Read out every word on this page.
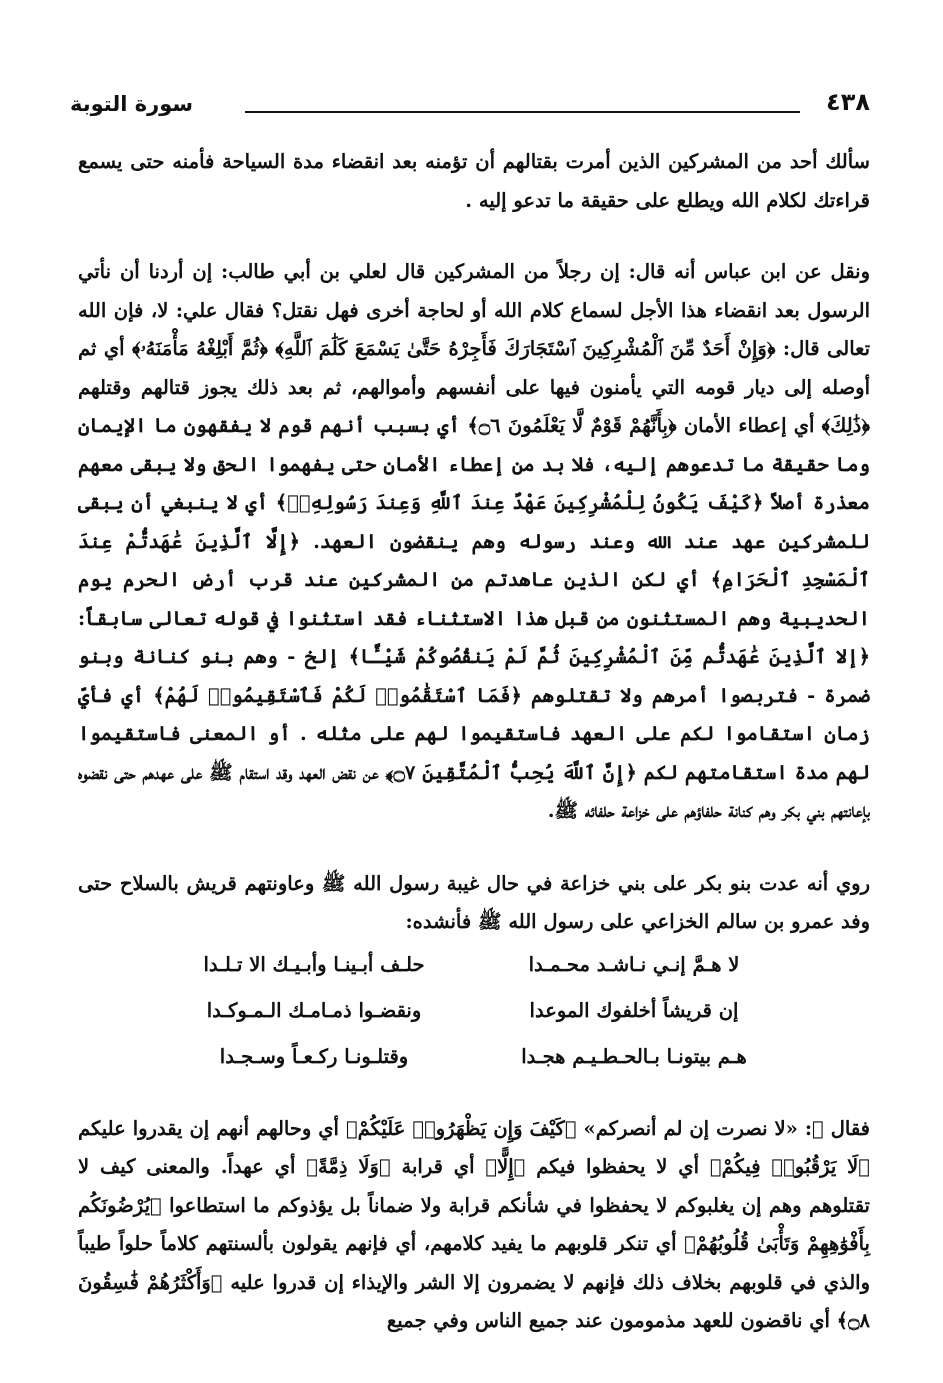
٤٣٨
سورة التوبة

سألك أحد من المشركين الذين أمرت بقتالهم أن تؤمنه بعد انقضاء مدة السياحة فأمنه حتى يسمع قراءتك لكلام الله ويطلع على حقيقة ما تدعو إليه .

ونقل عن ابن عباس أنه قال: إن رجلاً من المشركين قال لعلي بن أبي طالب: إن أردنا أن نأتي الرسول بعد انقضاء هذا الأجل لسماع كلام الله أو لحاجة أخرى فهل نقتل؟ فقال علي: لا، فإن الله تعالى قال: ﴿وَإِنْ أَحَدٌ مِّنَ ٱلْمُشْرِكِينَ ٱسْتَجَارَكَ فَأَجِرْهُ حَتَّىٰ يَسْمَعَ كَلَٰمَ ٱللَّهِ﴾ ﴿ثُمَّ أَبْلِغْهُ مَأْمَنَهُۥ﴾ أي ثم أوصله إلى ديار قومه التي يأمنون فيها على أنفسهم وأموالهم، ثم بعد ذلك يجوز قتالهم وقتلهم ﴿ذَٰلِكَ﴾ أي إعطاء الأمان ﴿بِأَنَّهُمْ قَوْمٌ لَّا يَعْلَمُونَ ۝٦﴾ أي بسبب أنهم قوم لا يفقهون ما الإيمان وما حقيقة ما تدعوهم إليه، فلا بد من إعطاء الأمان حتى يفهموا الحق ولا يبقى معهم معذرة أصلاً ﴿كَيْفَ يَكُونُ لِلْمُشْرِكِينَ عَهْدٌ عِندَ ٱللَّهِ وَعِندَ رَسُولِهِۦٓ﴾ أي لا ينبغي أن يبقى للمشركين عهد عند الله وعند رسوله وهم ينقضون العهد. ﴿إِلَّا ٱلَّذِينَ عَٰهَدتُّمْ عِندَ ٱلْمَسْجِدِ ٱلْحَرَامِ﴾ أي لكن الذين عاهدتم من المشركين عند قرب أرض الحرم يوم الحديبية وهم المستثنون من قبل هذا الاستثناء فقد استثنوا في قوله تعالى سابقاً: ﴿إلا ٱلَّذِينَ عَٰهَدتُّم مِّنَ ٱلْمُشْرِكِينَ ثُمَّ لَمْ يَنقُصُوكُمْ شَيْـًٔا﴾ إلخ - وهم بنو كنانة وبنو ضمرة - فتربصوا أمرهم ولا تقتلوهم ﴿فَمَا ٱسْتَقَٰمُوا۟ لَكُمْ فَٱسْتَقِيمُوا۟ لَهُمْ﴾ أي فأيّ زمان استقاموا لكم على العهد فاستقيموا لهم على مثله . أو المعنى فاستقيموا لهم مدة استقامتهم لكم ﴿إِنَّ ٱللَّهَ يُحِبُّ ٱلْمُتَّقِينَ ۝٧﴾ عن نقض العهد وقد استقام ﷺ على عهدهم حتى نقضوه بإعانتهم بني بكر وهم كنانة حلفاؤهم على خزاعة حلفائه ﷺ.

روي أنه عدت بنو بكر على بني خزاعة في حال غيبة رسول الله ﷺ وعاونتهم قريش بالسلاح حتى وفد عمرو بن سالم الخزاعي على رسول الله ﷺ فأنشده:

لا هـمَّ إنـي نـاشـد محـمـدا
حلـف أبـينـا وأبـيـك الا تـلـدا
إن قريشاً أخلفوك الموعدا
ونقضـوا ذمـامـك الـمـوكـدا
هـم بيتونـا بـالحـطـيـم هجـدا
وقتلـونـا ركـعـاً وسـجـدا

فقال ﷺ: «لا نصرت إن لم أنصركم» ﴿كَيْفَ وَإِن يَظْهَرُوا۟ عَلَيْكُمْ﴾ أي وحالهم أنهم إن يقدروا عليكم ﴿لَا يَرْقُبُوا۟ فِيكُمْ﴾ أي لا يحفظوا فيكم ﴿إِلًّا﴾ أي قرابة ﴿وَلَا ذِمَّةً﴾ أي عهداً. والمعنى كيف لا تقتلوهم وهم إن يغلبوكم لا يحفظوا في شأنكم قرابة ولا ضماناً بل يؤذوكم ما استطاعوا ﴿يُرْضُونَكُم بِأَفْوَٰهِهِمْ وَتَأْبَىٰ قُلُوبُهُمْ﴾ أي تنكر قلوبهم ما يفيد كلامهم، أي فإنهم يقولون بألسنتهم كلاماً حلواً طيباً والذي في قلوبهم بخلاف ذلك فإنهم لا يضمرون إلا الشر والإيذاء إن قدروا عليه ﴿وَأَكْثَرُهُمْ فَٰسِقُونَ ۝٨﴾ أي ناقضون للعهد مذمومون عند جميع الناس وفي جميع
